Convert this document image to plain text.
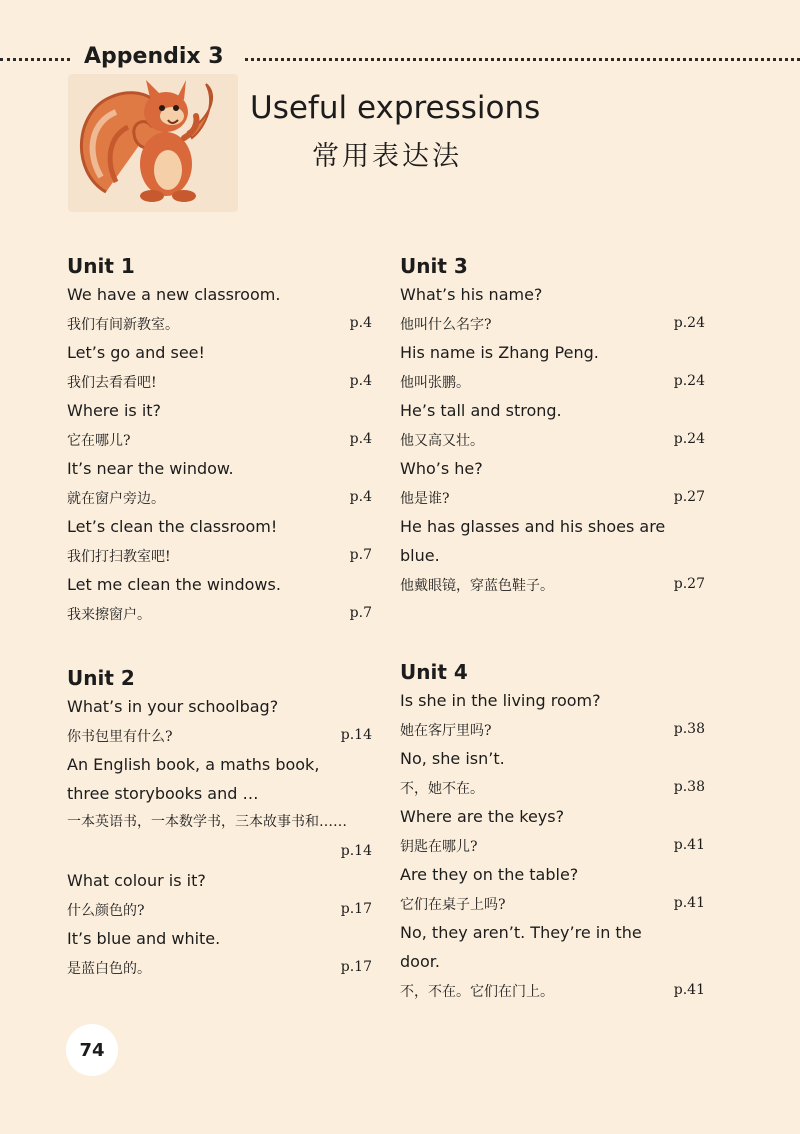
Appendix 3
Useful expressions
常用表达法
Unit 1
We have a new classroom.
我们有间新教室。	p.4
Let’s go and see!
我们去看看吧!	p.4
Where is it?
它在哪儿?	p.4
It’s near the window.
就在窗户旁边。	p.4
Let’s clean the classroom!
我们打扫教室吧!	p.7
Let me clean the windows.
我来擦窗户。	p.7
Unit 3
What’s his name?
他叫什么名字?	p.24
His name is Zhang Peng.
他叫张鹏。	p.24
He’s tall and strong.
他又高又壮。	p.24
Who’s he?
他是谁?	p.27
He has glasses and his shoes are blue.
他戴眼镜，穿蓝色鞋子。	p.27
Unit 2
What’s in your schoolbag?
你书包里有什么?	p.14
An English book, a maths book, three storybooks and …
一本英语书，一本数学书，三本故事书和……
p.14
What colour is it?
什么颜色的?	p.17
It’s blue and white.
是蓝白色的。	p.17
Unit 4
Is she in the living room?
她在客厅里吗?	p.38
No, she isn’t.
不，她不在。	p.38
Where are the keys?
钥匙在哪儿?	p.41
Are they on the table?
它们在桌子上吗?	p.41
No, they aren’t. They’re in the door.
不，不在。它们在门上。	p.41
74
